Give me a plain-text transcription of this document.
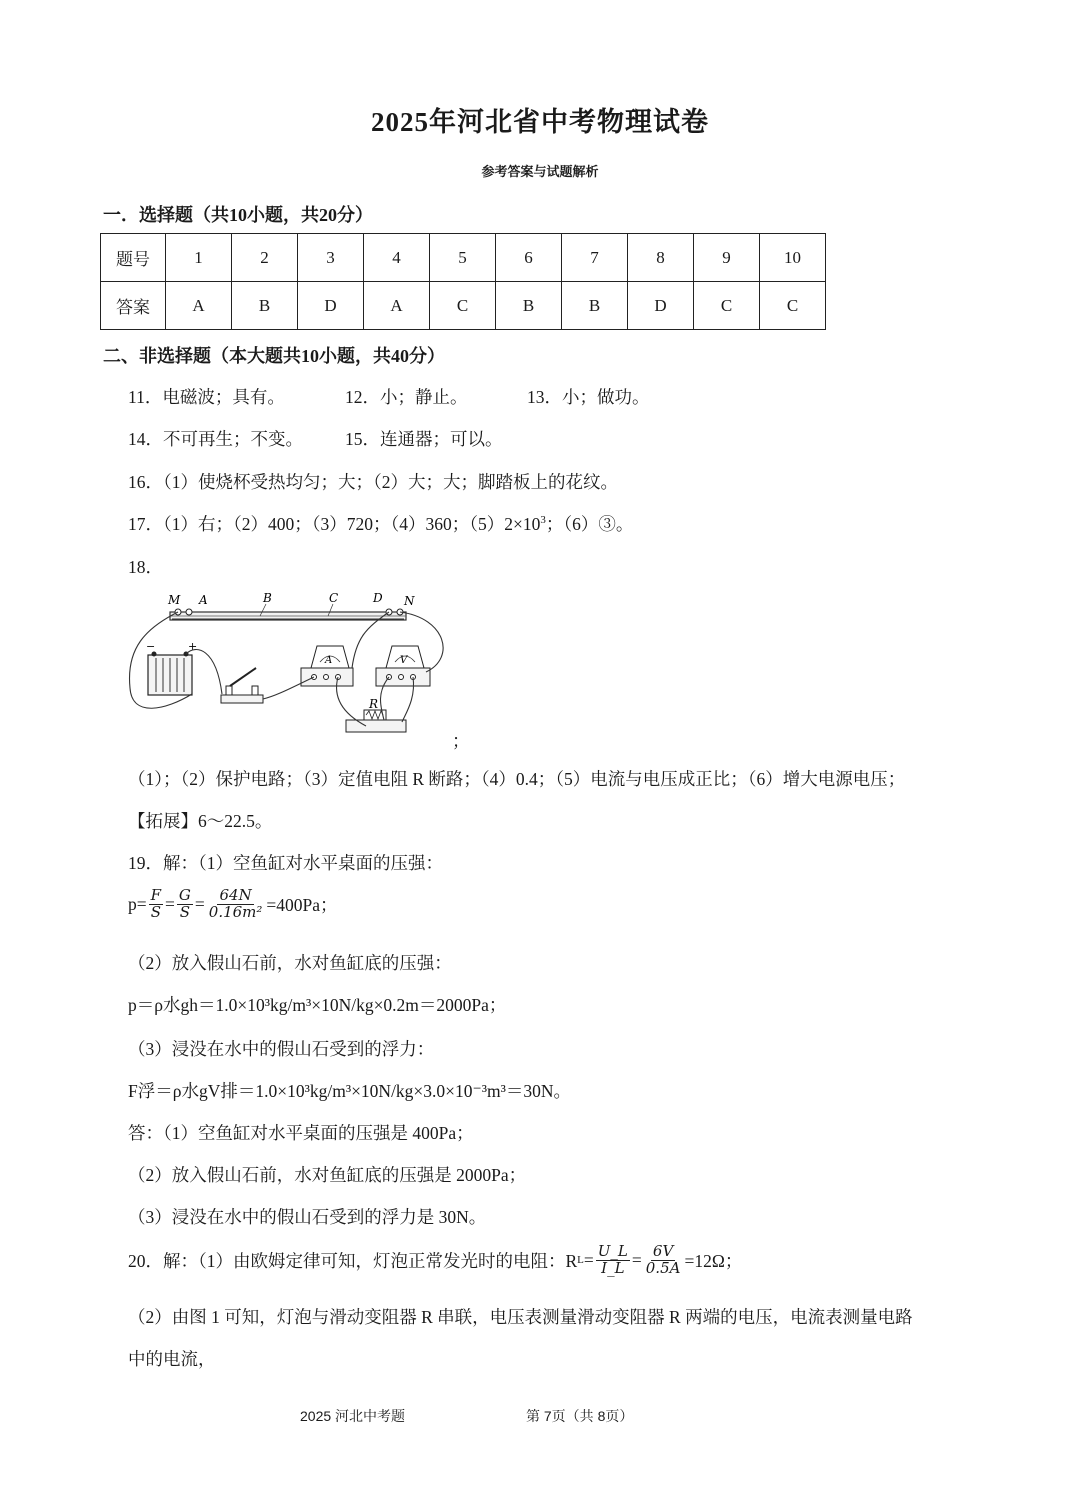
2025年河北省中考物理试卷
参考答案与试题解析
一．选择题（共10小题，共20分）
题号	1	2	3	4	5	6	7	8	9	10
答案	A	B	D	A	C	B	B	D	C	C
二、非选择题（本大题共10小题，共40分）
11．电磁波；具有。	12．小；静止。	13．小；做功。
14．不可再生；不变。 15．连通器；可以。
16．（1）使烧杯受热均匀；大；（2）大；大；脚踏板上的花纹。
17．（1）右；（2）400；（3）720；（4）360；$(5)2\times 10^3$；（6）③。
18．
M A	B	C	D N
−	+
A	V
R
；
（1）；（2）保护电路；（3）定值电阻 R 断路；（4）0.4；（5）电流与电压成正比；（6）增大电源电压；
【拓展】6～22.5。
19．解：（1）空鱼缸对水平桌面的压强：
$p= \frac{F}{S} = \frac{G}{S} = \frac{64N}{\text{0.16m²}} =400Pa$；
（2）放入假山石前，水对鱼缸底的压强：
p＝ρ水gh＝1.0×10³kg/m³×10N/kg×0.2m＝2000Pa；
（3）浸没在水中的假山石受到的浮力：
F浮＝ρ水gV排＝1.0×10³kg/m³×10N/kg×3.0×10⁻³m³＝30N。
答：（1）空鱼缸对水平桌面的压强是 400Pa；
（2）放入假山石前，水对鱼缸底的压强是 2000Pa；
（3）浸没在水中的假山石受到的浮力是 30N。
20．解：（1）由欧姆定律可知，灯泡正常发光时的电阻：R $L = \frac{U\_L}{I\_L} = \frac{6V}{0.5A} =12\Omega$；
（2）由图 1 可知，灯泡与滑动变阻器 R 串联，电压表测量滑动变阻器 R 两端的电压，电流表测量电路
中的电流，
2025 河北中考题	第 7页（共 8页）
